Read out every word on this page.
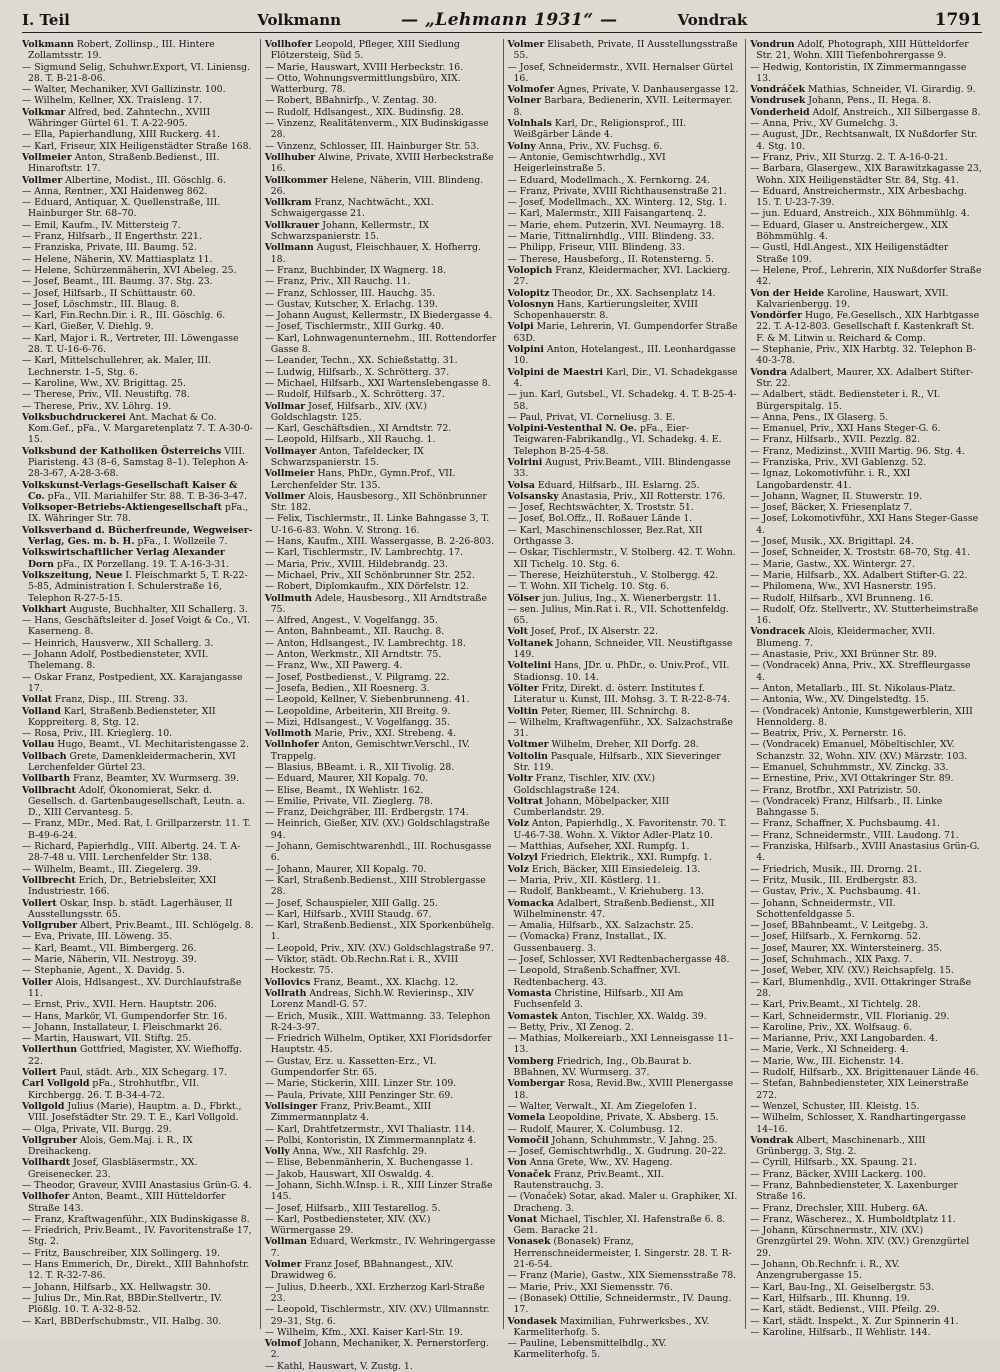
I. Teil	Volkmann	— „Lehmann 1931“ —	Vondrak	1791

Volkmann Robert, Zollinsp., III. Hintere Zollamtsstr. 19.

— Sigmund Selig, Schuhwr.Export, VI. Liniensg. 28. T. B-21-8-06.

— Walter, Mechaniker, XVI Gallizinstr. 100.

— Wilhelm, Kellner, XX. Traisleng. 17.

Volkmar Alfred, bed. Zahntechn., XVIII Währinger Gürtel 61. T. A-22-905.

— Ella, Papierhandlung, XIII Ruckerg. 41.

— Karl, Friseur, XIX Heiligenstädter Straße 168.

Vollmeier Anton, Straßenb.Bedienst., III. Hinaroftstr. 17.

Vollmer Albertine, Modist., III. Göschlg. 6.

— Anna, Rentner., XXI Haidenweg 862.

— Eduard, Antiquar, X. Quellenstraße, III. Hainburger Str. 68–70.

— Emil, Kaufm., IV. Mittersteig 7.

— Franz, Hilfsarb., II Engerthstr. 221.

— Franziska, Private, III. Baumg. 52.

— Helene, Näherin, XV. Mattiasplatz 11.

— Helene, Schürzenmäherin, XVI Abeleg. 25.

— Josef, Beamt., III. Baumg. 37. Stg. 23.

— Josef, Hilfsarb., II Schüttaustr. 60.

— Josef, Löschmstr., III. Blaug. 8.

— Karl, Fin.Rechn.Dir. i. R., III. Göschlg. 6.

— Karl, Gießer, V. Diehlg. 9.

— Karl, Major i. R., Vertreter, III. Löwengasse 28. T. U-16-6-76.

— Karl, Mittelschullehrer, ak. Maler, III. Lechnerstr. 1–5, Stg. 6.

— Karoline, Ww., XV. Brigittag. 25.

— Therese, Priv., VII. Neustiftg. 78.

— Therese, Priv., XV. Löhrg. 19.

Volksbuchdruckerei Ant. Machat & Co. Kom.Gef., pFa., V. Margaretenplatz 7. T. A-30-0-15.

Volksbund der Katholiken Österreichs VIII. Piaristeng. 43 (8–6, Samstag 8–1). Telephon A-28-3-67, A-28-3-68.

Volkskunst-Verlags-Gesellschaft Kaiser & Co. pFa., VII. Mariahilfer Str. 88. T. B-36-3-47.

Volksoper-Betriebs-Aktiengesellschaft pFa., IX. Währinger Str. 78.

Volksverband d. Bücherfreunde, Wegweiser-Verlag, Ges. m. b. H. pFa., I. Wollzeile 7.

Volkswirtschaftlicher Verlag Alexander Dorn pFa., IX Porzellang. 19. T. A-16-3-31.

Volkszeitung, Neue I. Fleischmarkt 5, T. R-22-5-85, Administration I. Schulerstraße 16, Telephon R-27-5-15.

Volkhart Auguste, Buchhalter, XII Schallerg. 3.

— Hans, Geschäftsleiter d. Josef Voigt & Co., VI. Kaserneng. 8.

— Heinrich, Hausverw., XII Schallerg. 3.

— Johann Adolf, Postbediensteter, XVII. Thelemang. 8.

— Oskar Franz, Postpedient, XX. Karajangasse 17.

Vollat Franz, Disp., III. Streng. 33.

Volland Karl, Straßenb.Bediensteter, XII Koppreiterg. 8, Stg. 12.

— Rosa, Priv., III. Krieglerg. 10.

Vollau Hugo, Beamt., VI. Mechitaristengasse 2.

Vollbach Grete, Damenkleidermacherin, XVI Lerchenfelder Gürtel 23.

Vollbarth Franz, Beamter, XV. Wurmserg. 39.

Vollbracht Adolf, Ökonomierat, Sekr. d. Gesellsch. d. Gartenbaugesellschaft, Leutn. a. D., XIII Cervantesg. 5.

— Franz, MDr., Med. Rat, I. Grillparzerstr. 11. T. B-49-6-24.

— Richard, Papierhdlg., VIII. Albertg. 24. T. A-28-7-48 u. VIII. Lerchenfelder Str. 138.

— Wilhelm, Beamt., III. Ziegelerg. 39.

Vollbrecht Erich, Dr., Betriebsleiter, XXI Industriestr. 166.

Vollert Oskar, Insp. b. städt. Lagerhäuser, II Ausstellungsstr. 65.

Vollgruber Albert, Priv.Beamt., III. Schlögelg. 8.

— Eva, Private, III. Löweng. 35.

— Karl, Beamt., VII. Bimbergerg. 26.

— Marie, Näherin, VII. Nestroyg. 39.

— Stephanie, Agent., X. Davidg. 5.

Voller Alois, Hdlsangest., XV. Durchlaufstraße 11.

— Ernst, Priv., XVII. Hern. Hauptstr. 206.

— Hans, Markör, VI. Gumpendorfer Str. 16.

— Johann, Installateur, I. Fleischmarkt 26.

— Martin, Hauswart, VII. Stiftg. 25.

Vollerthun Gottfried, Magister, XV. Wiefhoffg. 22.

Vollert Paul, städt. Arb., XIX Schegarg. 17.

Carl Vollgold pFa., Strohhutfbr., VII. Kirchbergg. 26. T. B-34-4-72.

Vollgold Julius (Marie), Hauptm. a. D., Fbrkt., VIII. Josefstädter Str. 29. T. E., Karl Vollgold.

— Olga, Private, VII. Burgg. 29.

Vollgruber Alois, Gem.Maj. i. R., IX Dreihackeng.

Vollhardt Josef, Glasbläsermstr., XX. Greisenecker. 23.

— Theodor, Graveur, XVIII Anastasius Grün-G. 4.

Vollhofer Anton, Beamt., XIII Hütteldorfer Straße 143.

— Franz, Kraftwagenführ., XIX Budinskigasse 8.

— Friedrich, Priv.Beamt., IV. Favoritenstraße 17, Stg. 2.

— Fritz, Bauschreiber, XIX Sollingerg. 19.

— Hans Emmerich, Dr., Direkt., XIII Bahnhofstr. 12. T. R-32-7-86.

— Johann, Hilfsarb., XX. Hellwagstr. 30.

— Julius Dr., Min.Rat, BBDir.Stellvertr., IV. Plößlg. 10. T. A-32-8-52.

— Karl, BBDerfschubmstr., VII. Halbg. 30.

Vollhofer Leopold, Pfleger, XIII Siedlung Flötzersteig, Süd 5.

— Marie, Hauswart, XVIII Herbeckstr. 16.

— Otto, Wohnungsvermittlungsbüro, XIX. Watterburg. 78.

— Robert, BBahnirfp., V. Zentag. 30.

— Rudolf, Hdlsangest., XIX. Budinsfig. 28.

— Vinzenz, Realitätenverm., XIX Budinskigasse 28.

— Vinzenz, Schlosser, III. Hainburger Str. 53.

Vollhuber Alwine, Private, XVIII Herbeckstraße 16.

Vollkommer Helene, Näherin, VIII. Blindeng. 26.

Vollkram Franz, Nachtwächt., XXI. Schwaigergasse 21.

Vollkrauer Johann, Kellermstr., IX Schwarzspanierstr. 15.

Vollmann August, Fleischhauer, X. Hofherrg. 18.

— Franz, Buchbinder, IX Wagnerg. 18.

— Franz, Priv., XII Rauchg. 11.

— Franz, Schlosser, III. Hauchg. 35.

— Gustav, Kutscher, X. Erlachg. 139.

— Johann August, Kellermstr., IX Biedergasse 4.

— Josef, Tischlermstr., XIII Gurkg. 40.

— Karl, Lohnwagenunternehm., III. Rottendorfer Gasse 8.

— Leander, Techn., XX. Schießstattg. 31.

— Ludwig, Hilfsarb., X. Schrötterg. 37.

— Michael, Hilfsarb., XXI Wartenslebengasse 8.

— Rudolf, Hilfsarb., X. Schrötterg. 37.

Vollmar Josef, Hilfsarb., XIV. (XV.) Goldschlagstr. 125.

— Karl, Geschäftsdien., XI Arndtstr. 72.

— Leopold, Hilfsarb., XII Rauchg. 1.

Vollmayer Anton, Tafeldecker, IX Schwarzspanierstr. 15.

Vollmeier Hans, PhDr., Gymn.Prof., VII. Lerchenfelder Str. 135.

Vollmer Alois, Hausbesorg., XII Schönbrunner Str. 182.

— Felix, Tischlermstr., II. Linke Bahngasse 3, T. U-16-6-83. Wohn. V. Strong. 16.

— Hans, Kaufm., XIII. Wassergasse, B. 2-26-803.

— Karl, Tischlermstr., IV. Lambrechtg. 17.

— Maria, Priv., XVIII. Hildebrandg. 23.

— Michael, Priv., XII Schönbrunner Str. 252.

— Robert, Diplomkaufm., XIX Dörfelstr. 12.

Vollmuth Adele, Hausbesorg., XII Arndtstraße 75.

— Alfred, Angest., V. Vogelfangg. 35.

— Anton, Bahnbeamt., XII. Rauchg. 8.

— Anton, Hdlsangest., IV. Lambrechtg. 18.

— Anton, Werkmstr., XII Arndtstr. 75.

— Franz, Ww., XII Pawerg. 4.

— Josef, Postbedienst., V. Pilgramg. 22.

— Josefa, Bedien., XII Roesnerg. 3.

— Leopold, Kellner, V. Siebenbrunneng. 41.

— Leopoldine, Arbeiterin, XII Breitg. 9.

— Mizi, Hdlsangest., V. Vogelfangg. 35.

Vollmoth Marie, Priv., XXI. Strebeng. 4.

Vollnhofer Anton, Gemischtwr.Verschl., IV. Trappelg.

— Blasius, BBeamt. i. R., XII Tivolig. 28.

— Eduard, Maurer, XII Kopalg. 70.

— Elise, Beamt., IX Wehlistr. 162.

— Emilie, Private, VII. Zieglerg. 78.

— Franz, Deichgräber, III. Erdbergstr. 174.

— Heinrich, Gießer, XIV. (XV.) Goldschlagstraße 94.

— Johann, Gemischtwarenhdl., III. Rochusgasse 6.

— Johann, Maurer, XII Kopalg. 70.

— Karl, Straßenb.Bedienst., XIII Stroblergasse 28.

— Josef, Schauspieler, XIII Gallg. 25.

— Karl, Hilfsarb., XVIII Staudg. 67.

— Karl, Straßenb.Bedienst., XIX Sporkenbühelg. 1.

— Leopold, Priv., XIV. (XV.) Goldschlagstraße 97.

— Viktor, städt. Ob.Rechn.Rat i. R., XVIII Hockestr. 75.

Vollovics Franz, Beamt., XX. Klachg. 12.

Vollrath Andreas, Sichh.W. Revierinsp., XIV Lorenz Mandl-G. 57.

— Erich, Musik., XIII. Wattmanng. 33. Telephon R-24-3-97.

— Friedrich Wilhelm, Optiker, XXI Floridsdorfer Hauptstr. 45.

— Gustav, Erz. u. Kassetten-Erz., VI. Gumpendorfer Str. 65.

— Marie, Stickerin, XIII. Linzer Str. 109.

— Paula, Private, XIII Penzinger Str. 69.

Vollsinger Franz, Priv.Beamt., XIII Zimmermannplatz 4.

— Karl, Drahtfetzermstr., XVI Thaliastr. 114.

— Polbi, Kontoristin, IX Zimmermannplatz 4.

Volly Anna, Ww., XII Rasfchlg. 29.

— Elise, Bebenmänherin, X. Buchengasse 1.

— Jakob, Hauswart, XII Oswaldg. 4.

— Johann, Sichh.W.Insp. i. R., XIII Linzer Straße 145.

— Josef, Hilfsarb., XIII Testarellog. 5.

— Karl, Postbediensteter, XIV. (XV.) Würmergasse 29.

Vollman Eduard, Werkmstr., IV. Wehringergasse 7.

Volmer Franz Josef, BBahnangest., XIV. Drawidweg 6.

— Julius, D.heerb., XXI. Erzherzog Karl-Straße 23.

— Leopold, Tischlermstr., XIV. (XV.) Ullmannstr. 29–31, Stg. 6.

— Wilhelm, Kfm., XXI. Kaiser Karl-Str. 19.

Volmof Johann, Mechaniker, X. Pernerstorferg. 2.

— Kathl, Hauswart, V. Zustg. 1.

Volmer Elisabeth, Private, II Ausstellungsstraße 55.

— Josef, Schneidermstr., XVII. Hernalser Gürtel 16.

Volmofer Agnes, Private, V. Danhausergasse 12.

Volner Barbara, Bedienerin, XVII. Leitermayer. 8.

Volnhals Karl, Dr., Religionsprof., III. Weißgärber Lände 4.

Volny Anna, Priv., XV. Fuchsg. 6.

— Antonie, Gemischtwrhdlg., XVI Heigerleinstraße 5.

— Eduard, Modellmach., X. Fernkorng. 24.

— Franz, Private, XVIII Richthausenstraße 21.

— Josef, Modellmach., XX. Winterg. 12, Stg. 1.

— Karl, Malermstr., XIII Faisangartenq. 2.

— Marie, ehem. Putzerin, XVI. Neumayrg. 18.

— Marie, Tittnalirnhdlg., VIII. Blindeng. 33.

— Philipp, Friseur, VIII. Blindeng. 33.

— Therese, Hausbeforg., II. Rotensterng. 5.

Volopich Franz, Kleidermacher, XVI. Lackierg. 27.

Volopitz Theodor, Dr., XX. Sachsenplatz 14.

Volosnyn Hans, Kartierungsleiter, XVIII Schopenhauerstr. 8.

Volpi Marie, Lehrerin, VI. Gumpendorfer Straße 63D.

Volpini Anton, Hotelangest., III. Leonhardgasse 10.

Volpini de Maestri Karl, Dir., VI. Schadekgasse 4.

— jun. Karl, Gutsbel., VI. Schadekg. 4. T. B-25-4-58.

— Paul, Privat, VI. Corneliusg. 3. E.

Volpini-Vestenthal N. Oe. pFa., Eier-Teigwaren-Fabrikandlg., VI. Schadekg. 4. E. Telephon B-25-4-58.

Volrini August, Priv.Beamt., VIII. Blindengasse 33.

Volsa Eduard, Hilfsarb., III. Eslarng. 25.

Volsansky Anastasia, Priv., XII Rotterstr. 176.

— Josef, Rechtswächter, X. Troststr. 51.

— Josef, Bol.Offz., II. Roßauer Lände 1.

— Karl, Maschinenschlosser, Bez.Rat, XII Orthgasse 3.

— Oskar, Tischlermstr., V. Stolberg. 42. T. Wohn. XII Tichelg. 10. Stg. 6.

— Therese, Heizhüterstuh., V. Stolbergg. 42.

— T. Wohn. XII Tichelg. 10. Stg. 6.

Völser jun. Julius, Ing., X. Wienerbergstr. 11.

— sen. Julius, Min.Rat i. R., VII. Schottenfeldg. 65.

Volt Josef, Prof., IX Alserstr. 22.

Voltanek Johann, Schneider, VII. Neustiftgasse 149.

Voltelini Hans, JDr. u. PhDr., o. Univ.Prof., VII. Stadionsg. 10. 14.

Völter Fritz, Direkt. d. österr. Institutes f. Literatur u. Kunst, III. Mohsg. 3. T. R-22-8-74.

Voltin Peter, Riemer, III. Schnirchg. 8.

— Wilhelm, Kraftwagenführ., XX. Salzachstraße 31.

Voltmer Wilhelm, Dreher, XII Dorfg. 28.

Voltolin Pasquale, Hilfsarb., XIX Sieveringer Str. 119.

Voltr Franz, Tischler, XIV. (XV.) Goldschlagstraße 124.

Voltrat Johann, Möbelpacker, XIII Cumberlandstr. 29.

Volz Anton, Papierhdlg., X. Favoritenstr. 70. T. U-46-7-38. Wohn. X. Viktor Adler-Platz 10.

— Matthias, Aufseher, XXI. Rumpfg. 1.

Volzyl Friedrich, Elektrik., XXI. Rumpfg. 1.

Volz Erich, Bäcker, XIII Einsiedeleig. 13.

— Maria, Priv., XII. Köstlerg. 11.

— Rudolf, Bankbeamt., V. Kriehuberg. 13.

Vomacka Adalbert, Straßenb.Bedienst., XII Wilhelminenstr. 47.

— Amalia, Hilfsarb., XX. Salzachstr. 25.

— (Vomacka) Franz, Installat., IX. Gussenbauerg. 3.

— Josef, Schlosser, XVI Redtenbachergasse 48.

— Leopold, Straßenb.Schaffner, XVI. Redtenbacherg. 43.

Vomasta Christine, Hilfsarb., XII Am Fuchsenfeld 3.

Vomastek Anton, Tischler, XX. Waldg. 39.

— Betty, Priv., XI Zenog. 2.

— Mathias, Molkereiarb., XXI Lenneisgasse 11–13.

Vomberg Friedrich, Ing., Ob.Baurat b. BBahnen, XV. Wurmserg. 37.

Vombergar Rosa, Revid.Bw., XVIII Plenergasse 18.

— Walter, Verwalt., XI. Am Ziegelofen 1.

Vomela Leopoldine, Private, X. Absberg. 15.

— Rudolf, Maurer, X. Columbusg. 12.

Vomočil Johann, Schuhmmstr., V. Jahng. 25.

— Josef, Gemischtwrhdlg., X. Gudrung. 20–22.

Von Anna Grete, Ww., XV. Hageng.

Vonaček Franz, Priv.Beamt., XII. Rautenstrauchg. 3.

— (Vonaček) Sotar, akad. Maler u. Graphiker, XI. Dracheng. 3.

Vonat Michael, Tischler, XI. Hafenstraße 6. 8. Gem. Baracke 21.

Vonasek (Bonasek) Franz, Herrenschneidermeister, I. Singerstr. 28. T. R-21-6-54.

— Franz (Marie), Gastw., XIX Siemensstraße 78.

— Marie, Priv., XXI Siemensstr. 76.

— (Bonasek) Ottilie, Schneidermstr., IV. Daung. 17.

Vondasek Maximilian, Fuhrwerksbes., XV. Karmeliterhofg. 5.

— Pauline, Lebensmittelhdlg., XV. Karmeliterhofg. 5.

Vondrun Adolf, Photograph, XIII Hütteldorfer Str. 21, Wohn. XIII Tiefenbohrergasse 9.

— Hedwig, Kontoristin, IX Zimmermanngasse 13.

Vondráček Mathias, Schneider, VI. Girardig. 9.

Vondrusek Johann, Pens., II. Hega. 8.

Vonderheid Adolf, Anstreich., XII Silbergasse 8.

— Anna, Priv., XV Gumelchg. 3.

— August, JDr., Rechtsanwalt, IX Nußdorfer Str. 4. Stg. 10.

— Franz, Priv., XII Sturzg. 2. T. A-16-0-21.

— Barbara, Glasergew., XIX Barawitzkagasse 23, Wohn. XIX Heiligenstädter Str. 84, Stg. 41.

— Eduard, Anstreichermstr., XIX Arbesbachg. 15. T. U-23-7-39.

— jun. Eduard, Anstreich., XIX Böhmmühlg. 4.

— Eduard, Glaser u. Anstreichergew., XIX Böhmmühlg. 4.

— Gustl, Hdl.Angest., XIX Heiligenstädter Straße 109.

— Helene, Prof., Lehrerin, XIX Nußdorfer Straße 42.

Von der Heide Karoline, Hauswart, XVII. Kalvarienbergg. 19.

Vondörfer Hugo, Fe.Gesellsch., XIX Harbtgasse 22. T. A-12-803. Gesellschaft f. Kastenkraft St. F. & M. Litwin u. Reichard & Comp.

— Stephanie, Priv., XIX Harbtg. 32. Telephon B-40-3-78.

Vondra Adalbert, Maurer, XX. Adalbert Stifter-Str. 22.

— Adalbert, städt. Bediensteter i. R., VI. Bürgerspitalg. 15.

— Anna, Pens., IX Glaserg. 5.

— Emanuel, Priv., XXI Hans Steger-G. 6.

— Franz, Hilfsarb., XVII. Pezzlg. 82.

— Franz, Medizinst., XVIII Martig. 96. Stg. 4.

— Franziska, Priv., XVI Gablenzg. 52.

— Ignaz, Lokomotivführ. i. R., XXI Langobardenstr. 41.

— Johann, Wagner, II. Stuwerstr. 19.

— Josef, Bäcker, X. Friesenplatz 7.

— Josef, Lokomotivführ., XXI Hans Steger-Gasse 4.

— Josef, Musik., XX. Brigittapl. 24.

— Josef, Schneider, X. Troststr. 68–70, Stg. 41.

— Marie, Gastw., XX. Wintergr. 27.

— Marie, Hilfsarb., XX. Adalbert Stifter-G. 22.

— Philomena, Ww., XVI Hasnerstr. 195.

— Rudolf, Hilfsarb., XVI Brunneng. 16.

— Rudolf, Ofz. Stellvertr., XV. Stutterheimstraße 16.

Vondracek Alois, Kleidermacher, XVII. Blumeng. 7.

— Anastasie, Priv., XXI Brünner Str. 89.

— (Vondracek) Anna, Priv., XX. Streffleurgasse 4.

— Anton, Metallarb., III. St. Nikolaus-Platz.

— Antonia, Ww., XV. Dingelstedtg. 15.

— (Vondracek) Antonie, Kunstgewerblerin, XIII Hennolderg. 8.

— Beatrix, Priv., X. Pernerstr. 16.

— (Vondracek) Emanuel, Möbeltischler, XV. Schanzstr. 32, Wohn. XIV. (XV.) Märzstr. 103.

— Emanuel, Schuhmmstr., XV. Zinckg. 33.

— Ernestine, Priv., XVI Ottakringer Str. 89.

— Franz, Brotfbr., XXI Patrizistr. 50.

— (Vondracek) Franz, Hilfsarb., II. Linke Bahngasse 5.

— Franz, Schaffner, X. Puchsbaumg. 41.

— Franz, Schneidermstr., VIII. Laudong. 71.

— Franziska, Hilfsarb., XVIII Anastasius Grün-G. 4.

— Friedrich, Musik., III. Drorng. 21.

— Fritz, Musik., III. Erdbergstr. 83.

— Gustav, Priv., X. Puchsbaumg. 41.

— Johann, Schneidermstr., VII. Schottenfeldgasse 5.

— Josef, BBahnbeamt., V. Leitgebg. 3.

— Josef, Hilfsarb., X. Fernkorng. 52.

— Josef, Maurer, XX. Wintersteinerg. 35.

— Josef, Schuhmach., XIX Paxg. 7.

— Josef, Weber, XIV. (XV.) Reichsapfelg. 15.

— Karl, Blumenhdlg., XVII. Ottakringer Straße 28.

— Karl, Priv.Beamt., XI Tichtelg. 28.

— Karl, Schneidermstr., VII. Florianig. 29.

— Karoline, Priv., XX. Wolfsaug. 6.

— Marianne, Priv., XXI Langobarden. 4.

— Marie, Verk., XI Schneiderg. 4.

— Marie, Ww., III. Eichenstr. 14.

— Rudolf, Hilfsarb., XX. Brigittenauer Lände 46.

— Stefan, Bahnbediensteter, XIX Leinerstraße 272.

— Wenzel, Schuster, III. Kleistg. 15.

— Wilhelm, Schlosser, X. Randhartingergasse 14–16.

Vondrak Albert, Maschinenarb., XIII Grünbergg. 3, Stg. 2.

— Cyrill, Hilfsarb., XX. Spaung. 21.

— Franz, Bäcker, XVIII Lackerg. 100.

— Franz, Bahnbediensteter, X. Laxenburger Straße 16.

— Franz, Drechsler, XIII. Huberg. 6A.

— Franz, Wäscherez., X. Humboldtplatz 11.

— Johann, Kürschnermstr., XIV. (XV.) Grenzgürtel 29. Wohn. XIV. (XV.) Grenzgürtel 29.

— Johann, Ob.Rechnfr. i. R., XV. Anzengrubergasse 15.

— Karl, Bau-Ing., XI. Geiselbergstr. 53.

— Karl, Hilfsarb., III. Khunng. 19.

— Karl, städt. Bedienst., VIII. Pfeilg. 29.

— Karl, städt. Inspekt., X. Zur Spinnerin 41.

— Karoline, Hilfsarb., II Wehlistr. 144.
